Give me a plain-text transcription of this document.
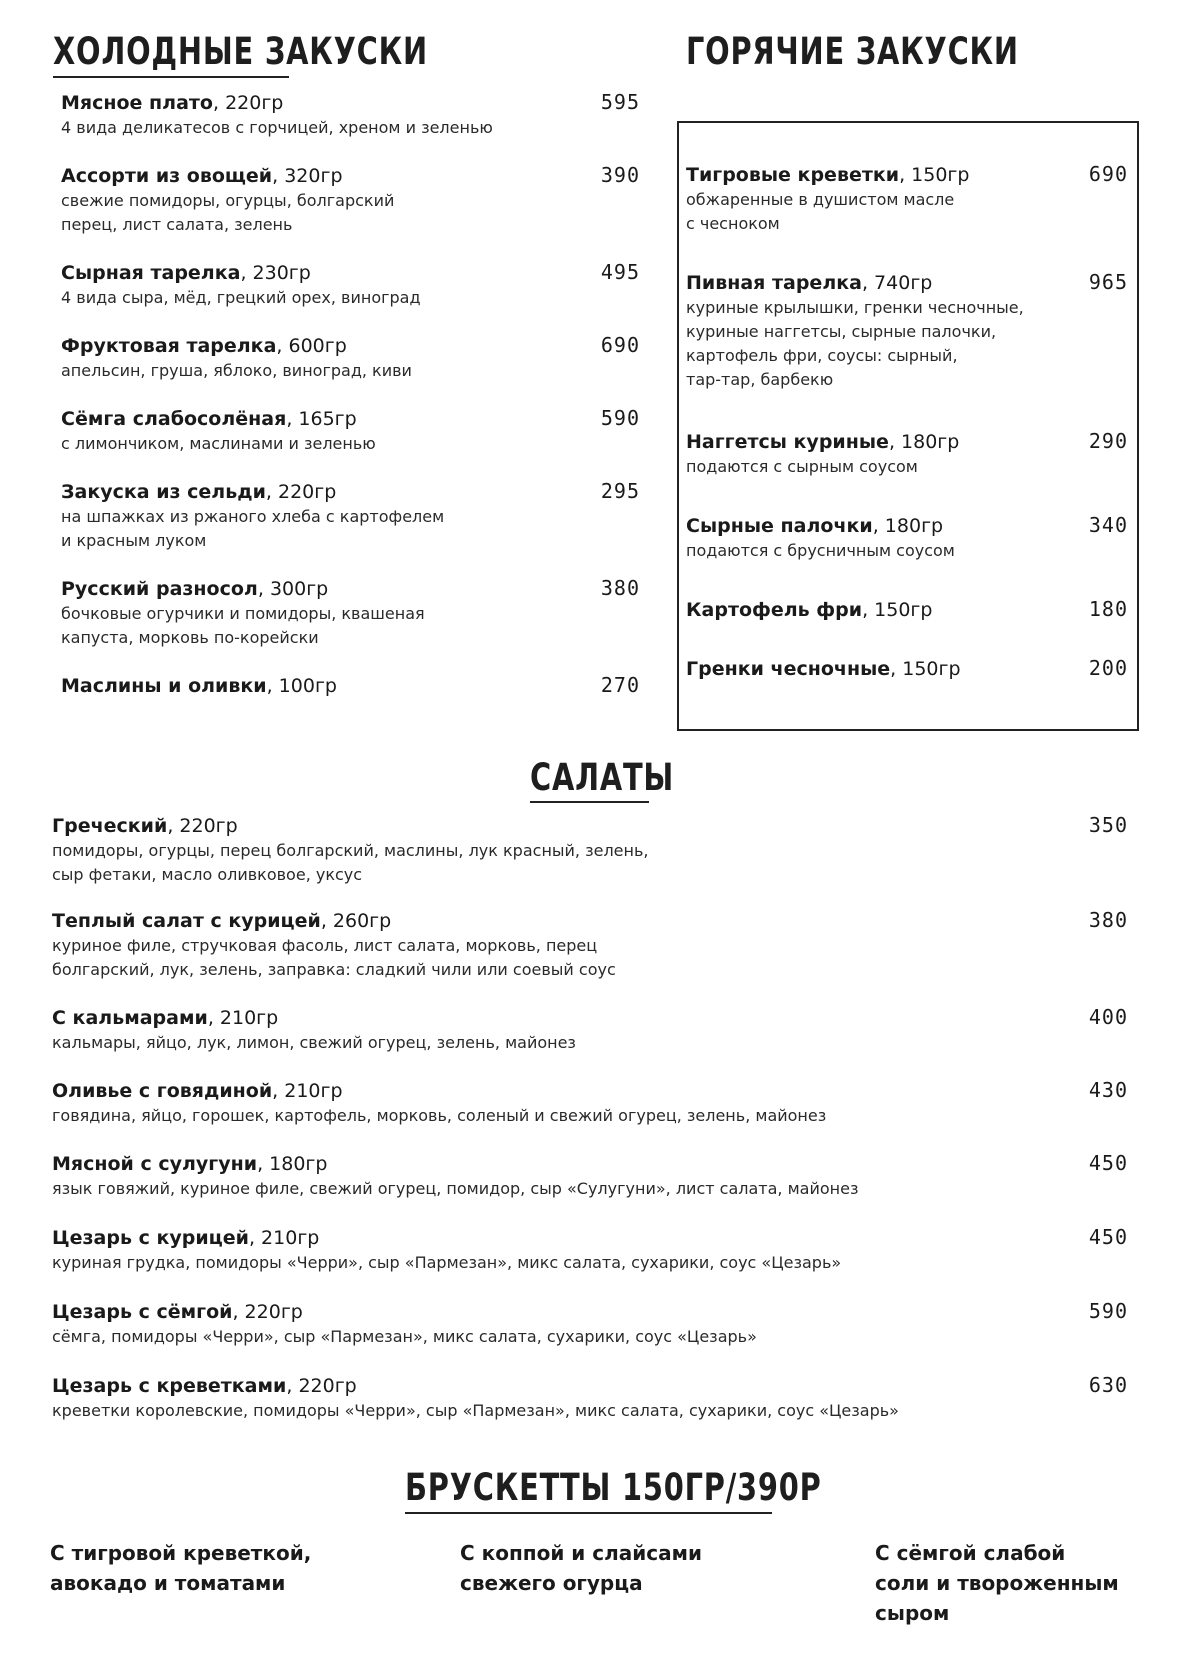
ХОЛОДНЫЕ ЗАКУСКИ
Мясное плато, 220гр
4 вида деликатесов с горчицей, хреном и зеленью
595
Ассорти из овощей, 320гр
свежие помидоры, огурцы, болгарский
перец, лист салата, зелень
390
Сырная тарелка, 230гр
4 вида сыра, мёд, грецкий орех, виноград
495
Фруктовая тарелка, 600гр
апельсин, груша, яблоко, виноград, киви
690
Сёмга слабосолёная, 165гр
с лимончиком, маслинами и зеленью
590
Закуска из сельди, 220гр
на шпажках из ржаного хлеба с картофелем
и красным луком
295
Русский разносол, 300гр
бочковые огурчики и помидоры, квашеная
капуста, морковь по-корейски
380
Маслины и оливки, 100гр	270
ГОРЯЧИЕ ЗАКУСКИ
Тигровые креветки, 150гр
обжаренные в душистом масле
с чесноком
690
Пивная тарелка, 740гр
куриные крылышки, гренки чесночные,
куриные наггетсы, сырные палочки,
картофель фри, соусы: сырный,
тар-тар, барбекю
965
Наггетсы куриные, 180гр
подаются с сырным соусом
290
Сырные палочки, 180гр
подаются с брусничным соусом
340
Картофель фри, 150гр	180
Гренки чесночные, 150гр	200
САЛАТЫ
Греческий, 220гр
помидоры, огурцы, перец болгарский, маслины, лук красный, зелень,
сыр фетаки, масло оливковое, уксус
350
Теплый салат с курицей, 260гр
куриное филе, стручковая фасоль, лист салата, морковь, перец
болгарский, лук, зелень, заправка: сладкий чили или соевый соус
380
С кальмарами, 210гр
кальмары, яйцо, лук, лимон, свежий огурец, зелень, майонез
400
Оливье с говядиной, 210гр
говядина, яйцо, горошек, картофель, морковь, соленый и свежий огурец, зелень, майонез
430
Мясной с сулугуни, 180гр
язык говяжий, куриное филе, свежий огурец, помидор, сыр «Сулугуни», лист салата, майонез
450
Цезарь с курицей, 210гр
куриная грудка, помидоры «Черри», сыр «Пармезан», микс салата, сухарики, соус «Цезарь»
450
Цезарь с сёмгой, 220гр
сёмга, помидоры «Черри», сыр «Пармезан», микс салата, сухарики, соус «Цезарь»
590
Цезарь с креветками, 220гр
креветки королевские, помидоры «Черри», сыр «Пармезан», микс салата, сухарики, соус «Цезарь»
630
БРУСКЕТТЫ 150ГР/390Р
С тигровой креветкой,
авокадо и томатами
С коппой и слайсами
свежего огурца
С сёмгой слабой
соли и твороженным
сыром
